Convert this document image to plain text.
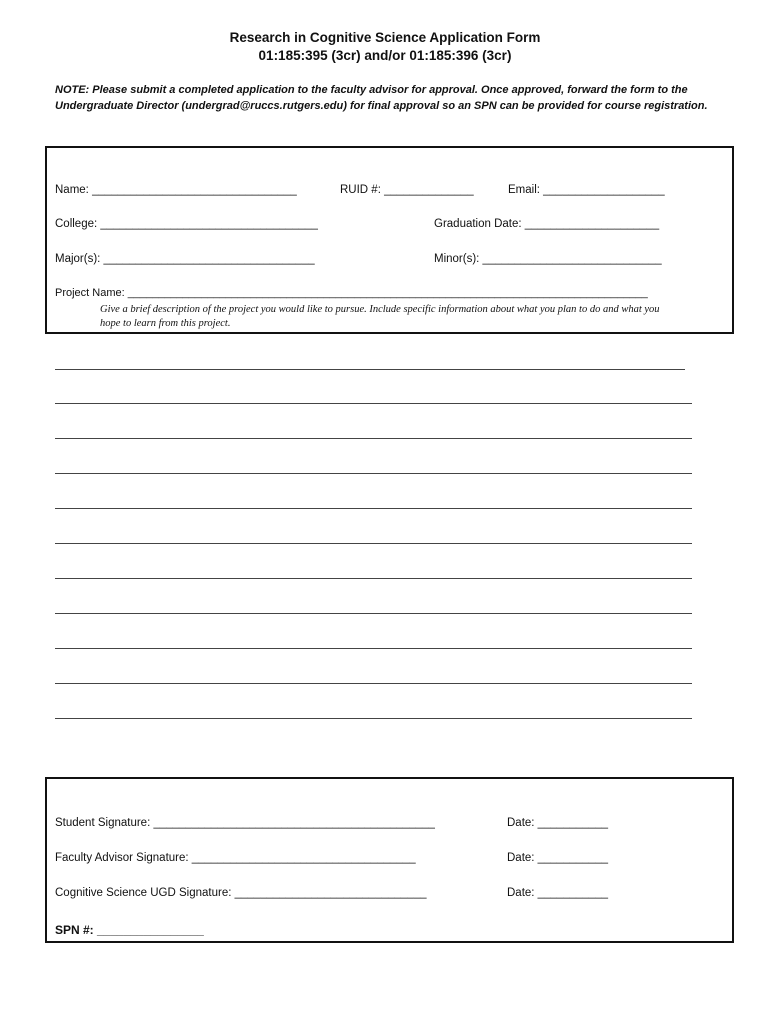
Research in Cognitive Science Application Form
01:185:395 (3cr) and/or 01:185:396 (3cr)
NOTE: Please submit a completed application to the faculty advisor for approval. Once approved, forward the form to the Undergraduate Director (undergrad@ruccs.rutgers.edu) for final approval so an SPN can be provided for course registration.
Name: ________________________________	RUID #: ______________	Email: ___________________
College: __________________________________	Graduation Date: _____________________
Major(s): _________________________________	Minor(s): ____________________________
Project Name: _____________________________________________________________________________________
Give a brief description of the project you would like to pursue. Include specific information about what you plan to do and what you hope to learn from this project.
Student Signature: ____________________________________________	Date: ___________
Faculty Advisor Signature: ___________________________________	Date: ___________
Cognitive Science UGD Signature: ______________________________	Date: ___________
SPN #: ________________
